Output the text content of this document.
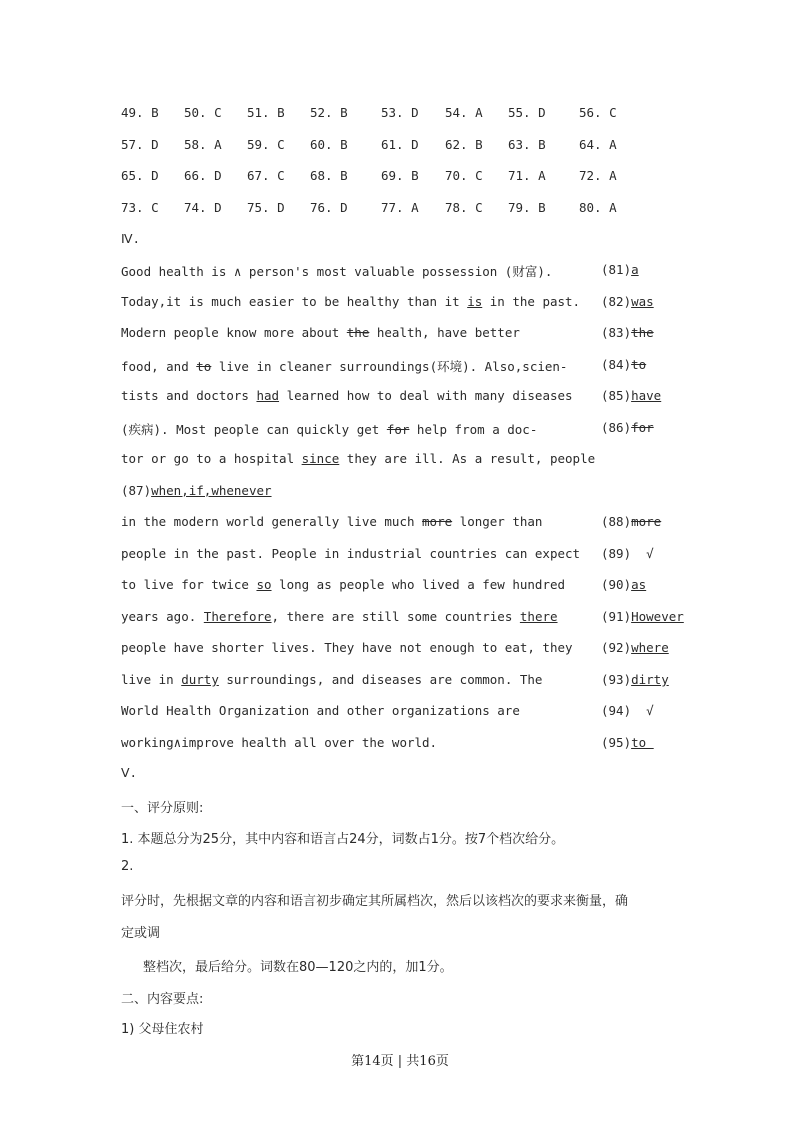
49. B 50. C 51. B 52. B	53. D 54. A 55. D	56. C
57. D 58. A 59. C 60. B	61. D 62. B 63. B	64. A
65. D 66. D 67. C 68. B	69. B 70. C 71. A	72. A
73. C 74. D 75. D 76. D	77. A 78. C 79. B	80. A
Ⅳ.
Good health is ∧ person's most valuable possession (财富).	(81)a
Today,it is much easier to be healthy than it is in the past. (82)was
Modern people know more about the health, have better	(83)the
food, and to live in cleaner surroundings(环境). Also,scien-	(84)to
tists and doctors had learned how to deal with many diseases (85)have
(疾病). Most people can quickly get for help from a doc-	(86)for
tor or go to a hospital since they are ill. As a result, people
(87)when,if,whenever
in the modern world generally live much more longer than	(88)more
people in the past. People in industrial countries can expect (89)  √
to live for twice so long as people who lived a few hundred	(90)as
years ago. Therefore, there are still some countries there	(91)However
people have shorter lives. They have not enough to eat, they (92)where
live in durty surroundings, and diseases are common. The	(93)dirty
World Health Organization and other organizations are	(94)  √
working∧improve health all over the world.	(95)to
Ⅴ.
一、评分原则:
1. 本题总分为25分，其中内容和语言占24分，词数占1分。按7个档次给分。
2.
评分时，先根据文章的内容和语言初步确定其所属档次，然后以该档次的要求来衡量，确
定或调
整档次，最后给分。词数在80—120之内的，加1分。
二、内容要点:
1) 父母住农村
第14页 | 共16页
